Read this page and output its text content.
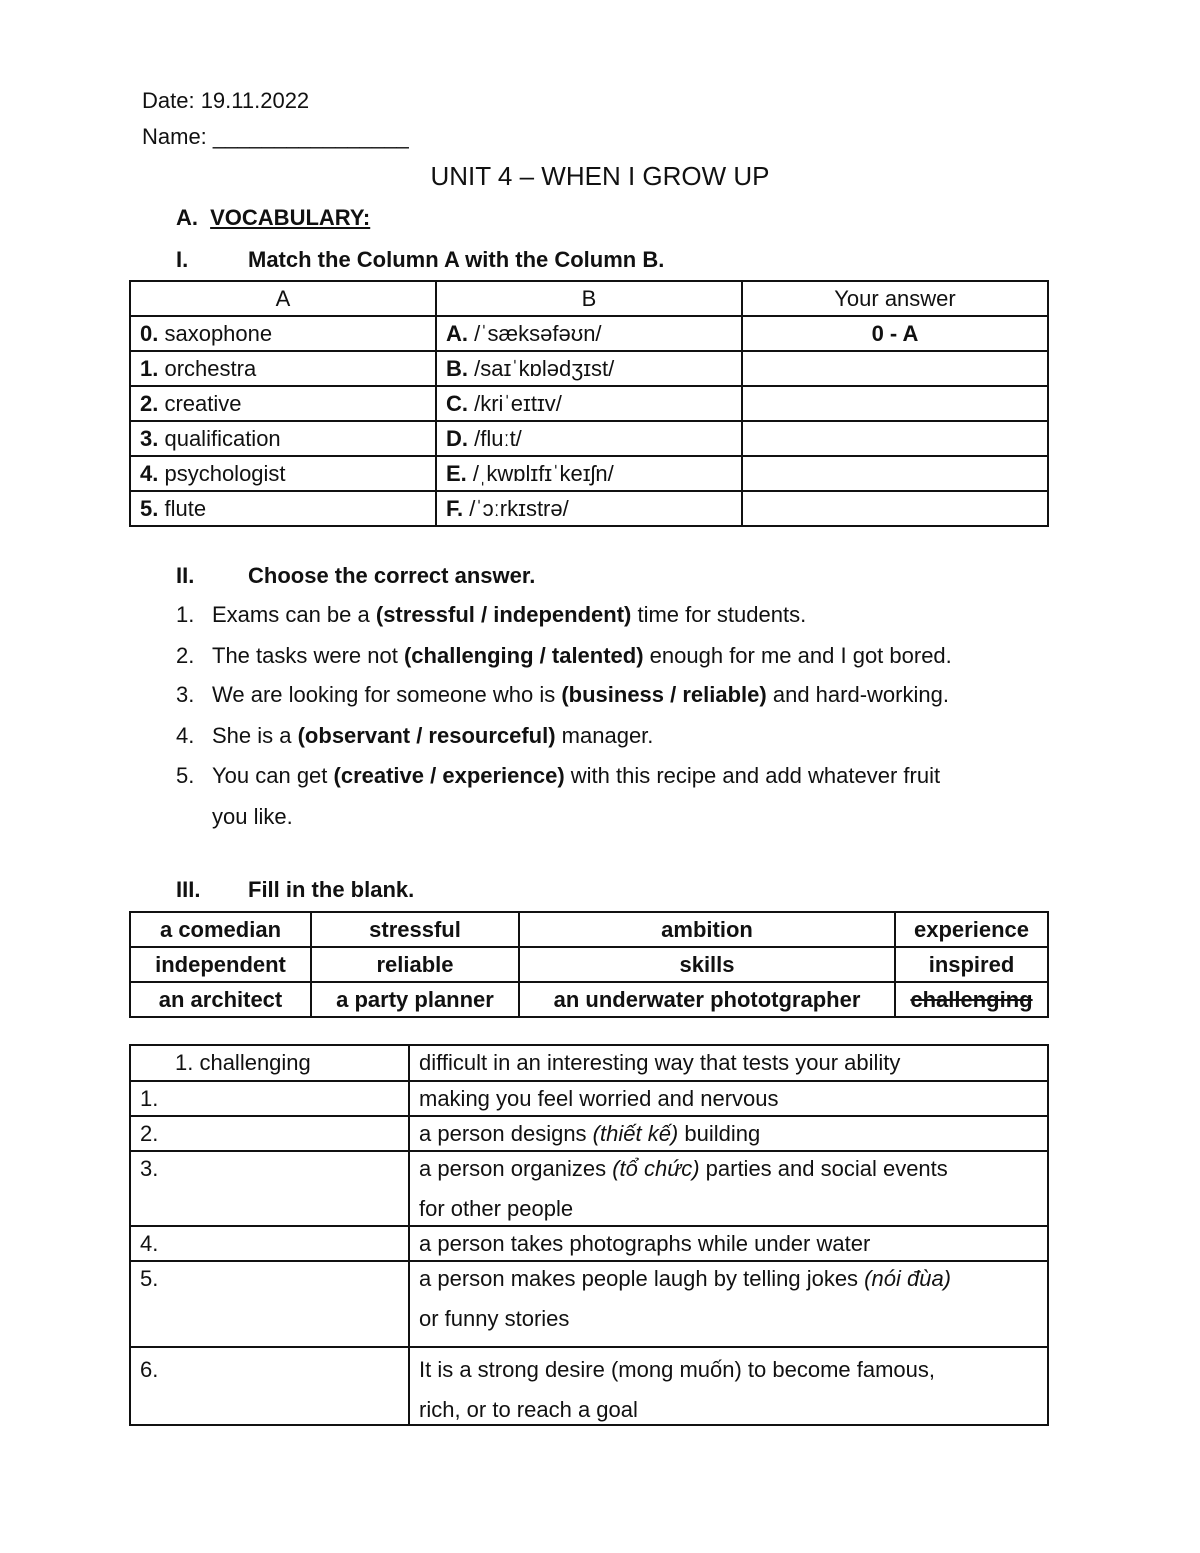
Date: 19.11.2022
Name: ________________
UNIT 4 – WHEN I GROW UP
A. VOCABULARY:
I.	Match the Column A with the Column B.
A	B	Your answer
0. saxophone	A. /ˈsæksəfəʊn/	0 - A
1. orchestra	B. /saɪˈkɒlədʒɪst/	
2. creative	C. /kriˈeɪtɪv/	
3. qualification	D. /fluːt/	
4. psychologist	E. /ˌkwɒlɪfɪˈkeɪʃn/	
5. flute	F. /ˈɔːrkɪstrə/	
II. Choose the correct answer.
1. Exams can be a (stressful / independent) time for students.
2. The tasks were not (challenging / talented) enough for me and I got bored.
3. We are looking for someone who is (business / reliable) and hard-working.
4. She is a (observant / resourceful) manager.
5. You can get (creative / experience) with this recipe and add whatever fruit
you like.
III. Fill in the blank.
a comedian	stressful	ambition	experience
independent	reliable	skills	inspired
an architect	a party planner	an underwater phototgrapher	challenging
1. challenging	difficult in an interesting way that tests your ability
1.	making you feel worried and nervous
2.	a person designs (thiết kế) building
3.	a person organizes (tổ chức) parties and social events
for other people

4.	a person takes photographs while under water
5.	a person makes people laugh by telling jokes (nói đùa)
or funny stories

6.	It is a strong desire (mong muốn) to become famous,
rich, or to reach a goal
